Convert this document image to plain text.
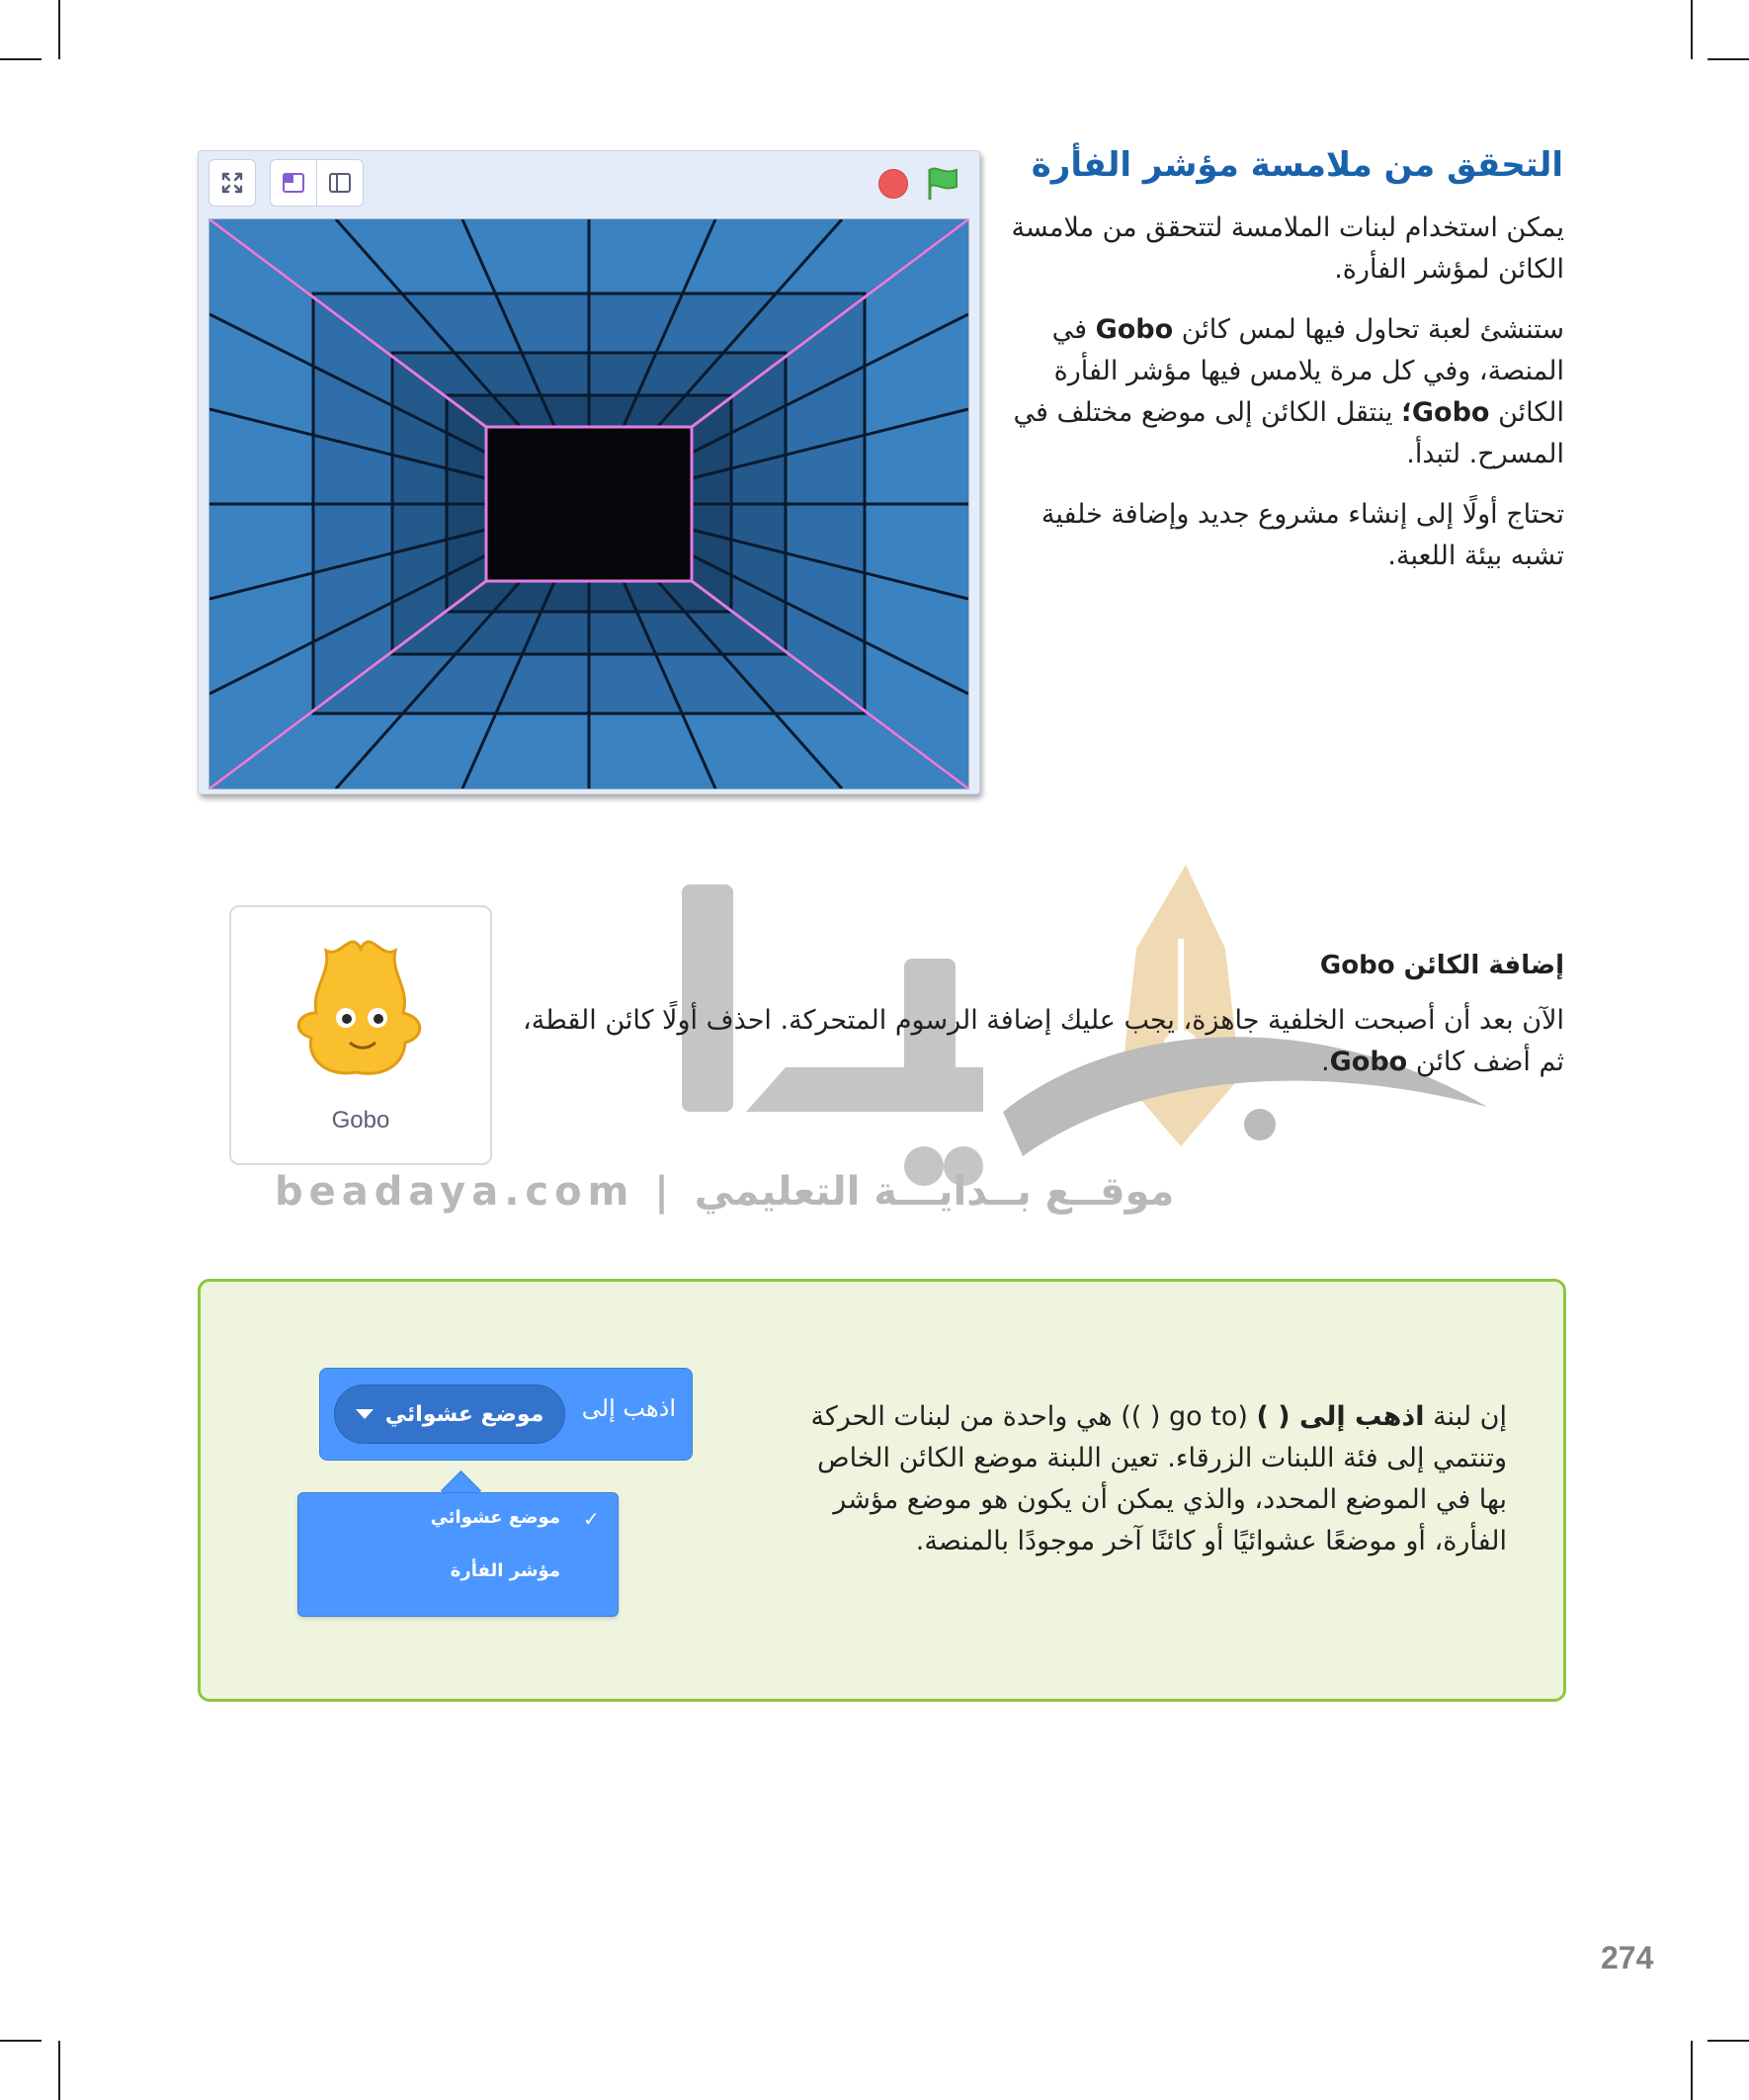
التحقق من ملامسة مؤشر الفأرة

يمكن استخدام لبنات الملامسة لتتحقق من ملامسة الكائن لمؤشر الفأرة.

ستنشئ لعبة تحاول فيها لمس كائن Gobo في المنصة، وفي كل مرة يلامس فيها مؤشر الفأرة الكائن Gobo؛ ينتقل الكائن إلى موضع مختلف في المسرح. لتبدأ.

تحتاج أولًا إلى إنشاء مشروع جديد وإضافة خلفية تشبه بيئة اللعبة.

beadaya.com | موقــع بــدايـــة التعليمي
Gobo
إضافة الكائن Gobo

الآن بعد أن أصبحت الخلفية جاهزة، يجب عليك إضافة الرسوم المتحركة. احذف أولًا كائن القطة، ثم أضف كائن Gobo.

إن لبنة اذهب إلى ( ) (go to ( )) هي واحدة من لبنات الحركة وتنتمي إلى فئة اللبنات الزرقاء. تعين اللبنة موضع الكائن الخاص بها في الموضع المحدد، والذي يمكن أن يكون هو موضع مؤشر الفأرة، أو موضعًا عشوائيًا أو كائنًا آخر موجودًا بالمنصة.

اذهب إلى
موضع عشوائي
✓
موضع عشوائي
مؤشر الفأرة
274
